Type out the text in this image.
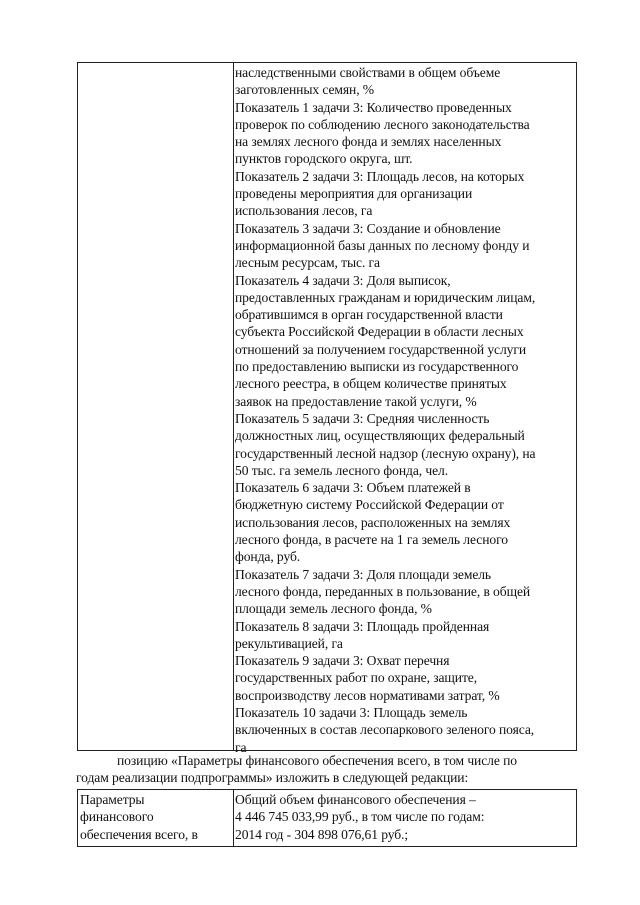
наследственными свойствами в общем объеме
заготовленных семян, %
Показатель 1 задачи 3: Количество проведенных
проверок по соблюдению лесного законодательства
на землях лесного фонда и землях населенных
пунктов городского округа, шт.
Показатель 2 задачи 3: Площадь лесов, на которых
проведены мероприятия для организации
использования лесов, га
Показатель 3 задачи 3: Создание и обновление
информационной базы данных по лесному фонду и
лесным ресурсам, тыс. га
Показатель 4 задачи 3: Доля выписок,
предоставленных гражданам и юридическим лицам,
обратившимся в орган государственной власти
субъекта Российской Федерации в области лесных
отношений за получением государственной услуги
по предоставлению выписки из государственного
лесного реестра, в общем количестве принятых
заявок на предоставление такой услуги, %
Показатель 5 задачи 3: Средняя численность
должностных лиц, осуществляющих федеральный
государственный лесной надзор (лесную охрану), на
50 тыс. га земель лесного фонда, чел.
Показатель 6 задачи 3: Объем платежей в
бюджетную систему Российской Федерации от
использования лесов, расположенных на землях
лесного фонда, в расчете на 1 га земель лесного
фонда, руб.
Показатель 7 задачи 3: Доля площади земель
лесного фонда, переданных в пользование, в общей
площади земель лесного фонда, %
Показатель 8 задачи 3: Площадь пройденная
рекультивацией, га
Показатель 9 задачи 3: Охват перечня
государственных работ по охране, защите,
воспроизводству лесов нормативами затрат, %
Показатель 10 задачи 3: Площадь земель
включенных в состав лесопаркового зеленого пояса,
га
позицию «Параметры финансового обеспечения всего, в том числе по
годам реализации подпрограммы» изложить в следующей редакции:
Параметры
финансового
обеспечения всего, в
Общий объем финансового обеспечения –
4 446 745 033,99 руб., в том числе по годам:
2014 год - 304 898 076,61 руб.;
